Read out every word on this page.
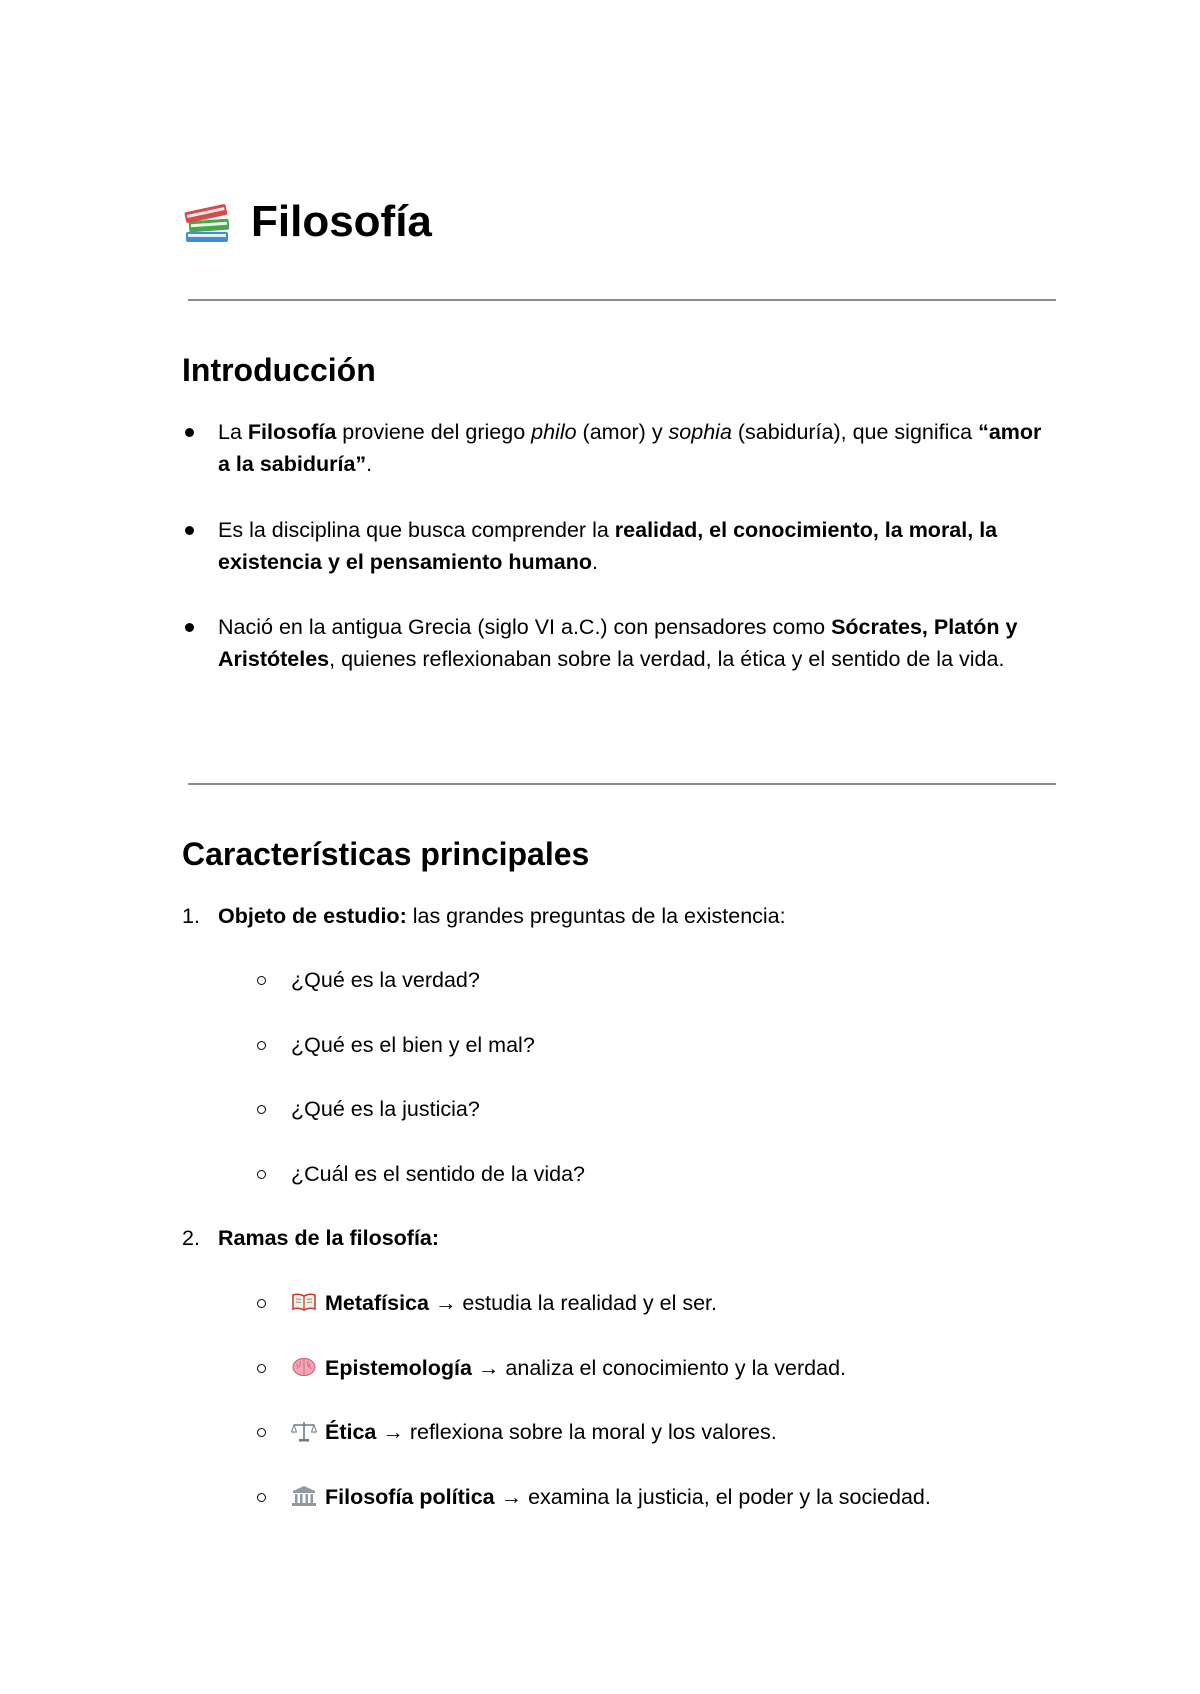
Filosofía
Introducción
La Filosofía proviene del griego philo (amor) y sophia (sabiduría), que significa “amor a la sabiduría”.
Es la disciplina que busca comprender la realidad, el conocimiento, la moral, la existencia y el pensamiento humano.
Nació en la antigua Grecia (siglo VI a.C.) con pensadores como Sócrates, Platón y Aristóteles, quienes reflexionaban sobre la verdad, la ética y el sentido de la vida.
Características principales
1. Objeto de estudio: las grandes preguntas de la existencia:
¿Qué es la verdad?
¿Qué es el bien y el mal?
¿Qué es la justicia?
¿Cuál es el sentido de la vida?
2. Ramas de la filosofía:
Metafísica → estudia la realidad y el ser.
Epistemología → analiza el conocimiento y la verdad.
Ética → reflexiona sobre la moral y los valores.
Filosofía política → examina la justicia, el poder y la sociedad.
